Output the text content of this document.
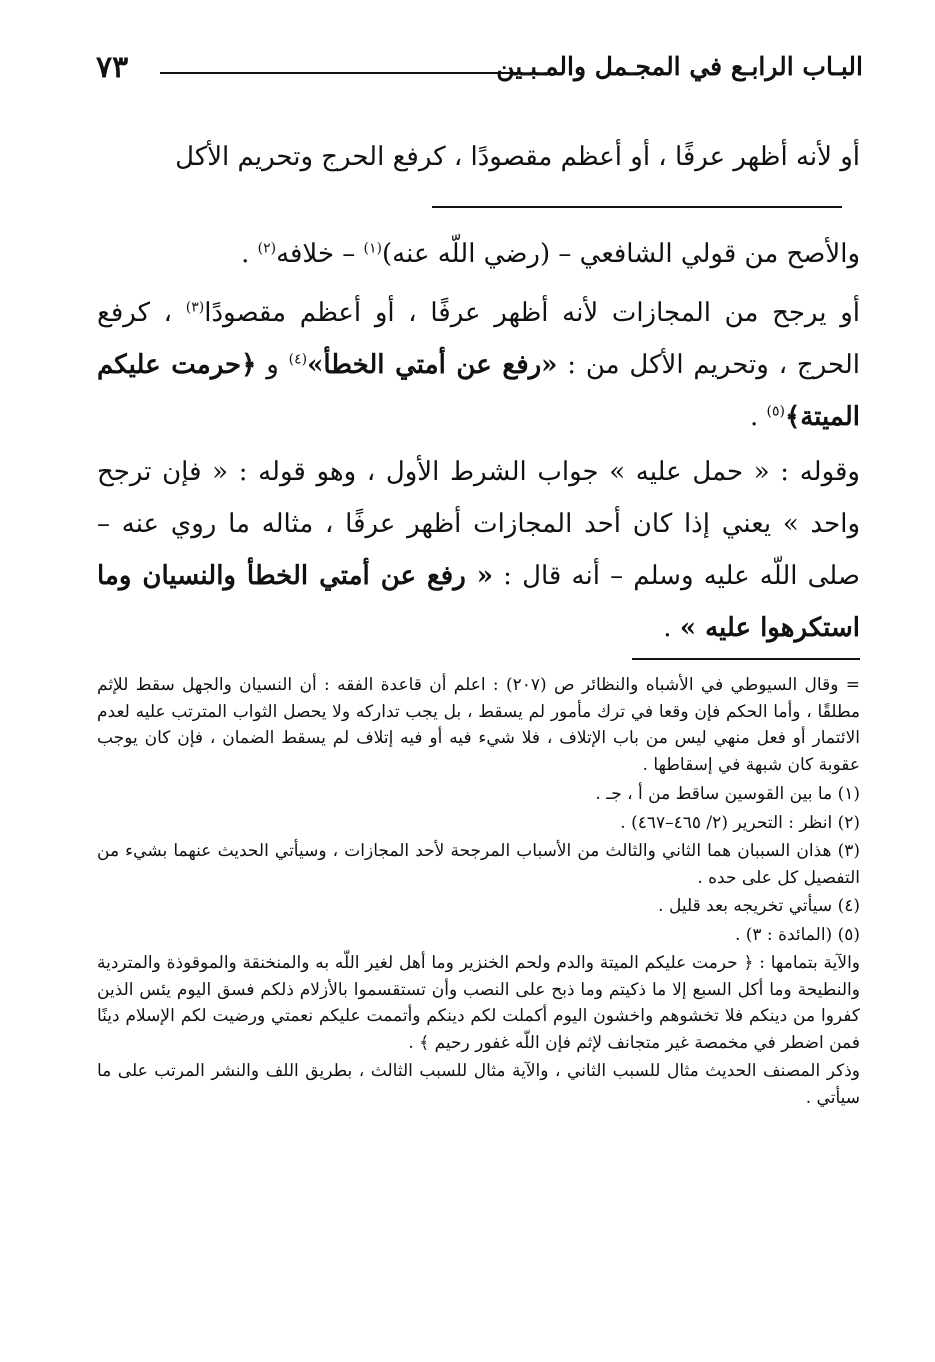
البـاب الرابـع في المجـمل والمـبـين
٧٣

أو لأنه أظهر عرفًا ، أو أعظم مقصودًا ، كرفع الحرج وتحريم الأكل

والأصح من قولي الشافعي – (رضي اللّه عنه)$^{(١)}$ – خلافه$^{(٢)}$ .

أو يرجح من المجازات لأنه أظهر عرفًا ، أو أعظم مقصودًا$^{(٣)}$ ، كرفع الحرج ، وتحريم الأكل من : «رفع عن أمتي الخطأ»$^{(٤)}$ و ﴿حرمت عليكم الميتة﴾$^{(٥)}$ .

وقوله : « حمل عليه » جواب الشرط الأول ، وهو قوله : « فإن ترجح واحد » يعني إذا كان أحد المجازات أظهر عرفًا ، مثاله ما روي عنه – صلى اللّه عليه وسلم – أنه قال : « رفع عن أمتي الخطأ والنسيان وما استكرهوا عليه » .

= وقال السيوطي في الأشباه والنظائر ص (٢٠٧) : اعلم أن قاعدة الفقه : أن النسيان والجهل سقط للإثم مطلقًا ، وأما الحكم فإن وقعا في ترك مأمور لم يسقط ، بل يجب تداركه ولا يحصل الثواب المترتب عليه لعدم الائتمار أو فعل منهي ليس من باب الإتلاف ، فلا شيء فيه أو فيه إتلاف لم يسقط الضمان ، فإن كان يوجب عقوبة كان شبهة في إسقاطها .

(١) ما بين القوسين ساقط من أ ، جـ .

(٢) انظر : التحرير (٢/ ٤٦٥–٤٦٧) .

(٣) هذان السببان هما الثاني والثالث من الأسباب المرجحة لأحد المجازات ، وسيأتي الحديث عنهما بشيء من التفصيل كل على حده .

(٤) سيأتي تخريجه بعد قليل .

(٥) (المائدة : ٣) .

والآية بتمامها : ﴿ حرمت عليكم الميتة والدم ولحم الخنزير وما أهل لغير اللّه به والمنخنقة والموقوذة والمتردية والنطيحة وما أكل السبع إلا ما ذكيتم وما ذبح على النصب وأن تستقسموا بالأزلام ذلكم فسق اليوم يئس الذين كفروا من دينكم فلا تخشوهم واخشون اليوم أكملت لكم دينكم وأتممت عليكم نعمتي ورضيت لكم الإسلام دينًا فمن اضطر في مخمصة غير متجانف لإثم فإن اللّه غفور رحيم ﴾ .

وذكر المصنف الحديث مثال للسبب الثاني ، والآية مثال للسبب الثالث ، بطريق اللف والنشر المرتب على ما سيأتي .
